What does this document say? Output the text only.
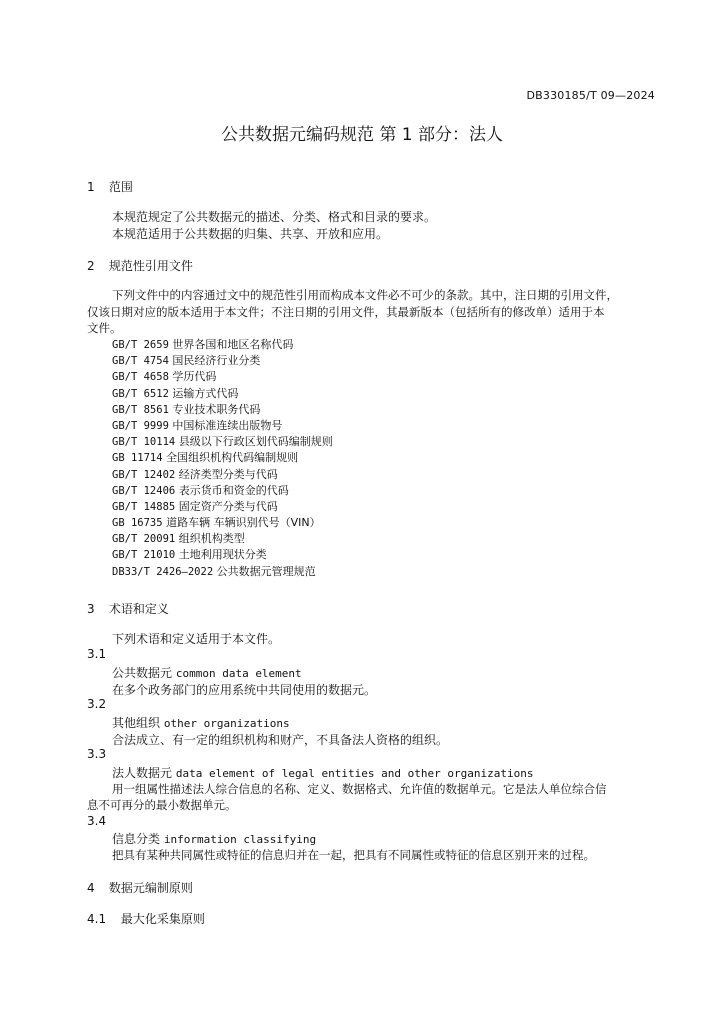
DB330185/T 09—2024
公共数据元编码规范 第 1 部分：法人
1 范围
本规范规定了公共数据元的描述、分类、格式和目录的要求。
本规范适用于公共数据的归集、共享、开放和应用。
2 规范性引用文件
下列文件中的内容通过文中的规范性引用而构成本文件必不可少的条款。其中，注日期的引用文件，
仅该日期对应的版本适用于本文件；不注日期的引用文件，其最新版本（包括所有的修改单）适用于本
文件。
GB/T 2659 世界各国和地区名称代码
GB/T 4754 国民经济行业分类
GB/T 4658 学历代码
GB/T 6512 运输方式代码
GB/T 8561 专业技术职务代码
GB/T 9999 中国标准连续出版物号
GB/T 10114 县级以下行政区划代码编制规则
GB 11714 全国组织机构代码编制规则
GB/T 12402 经济类型分类与代码
GB/T 12406 表示货币和资金的代码
GB/T 14885 固定资产分类与代码
GB 16735 道路车辆 车辆识别代号（VIN）
GB/T 20091 组织机构类型
GB/T 21010 土地利用现状分类
DB33/T 2426—2022 公共数据元管理规范
3 术语和定义
下列术语和定义适用于本文件。
3.1
公共数据元 common data element
在多个政务部门的应用系统中共同使用的数据元。
3.2
其他组织 other organizations
合法成立、有一定的组织机构和财产，不具备法人资格的组织。
3.3
法人数据元 data element of legal entities and other organizations
用一组属性描述法人综合信息的名称、定义、数据格式、允许值的数据单元。它是法人单位综合信
息不可再分的最小数据单元。
3.4
信息分类 information classifying
把具有某种共同属性或特征的信息归并在一起，把具有不同属性或特征的信息区别开来的过程。
4 数据元编制原则
4.1 最大化采集原则
